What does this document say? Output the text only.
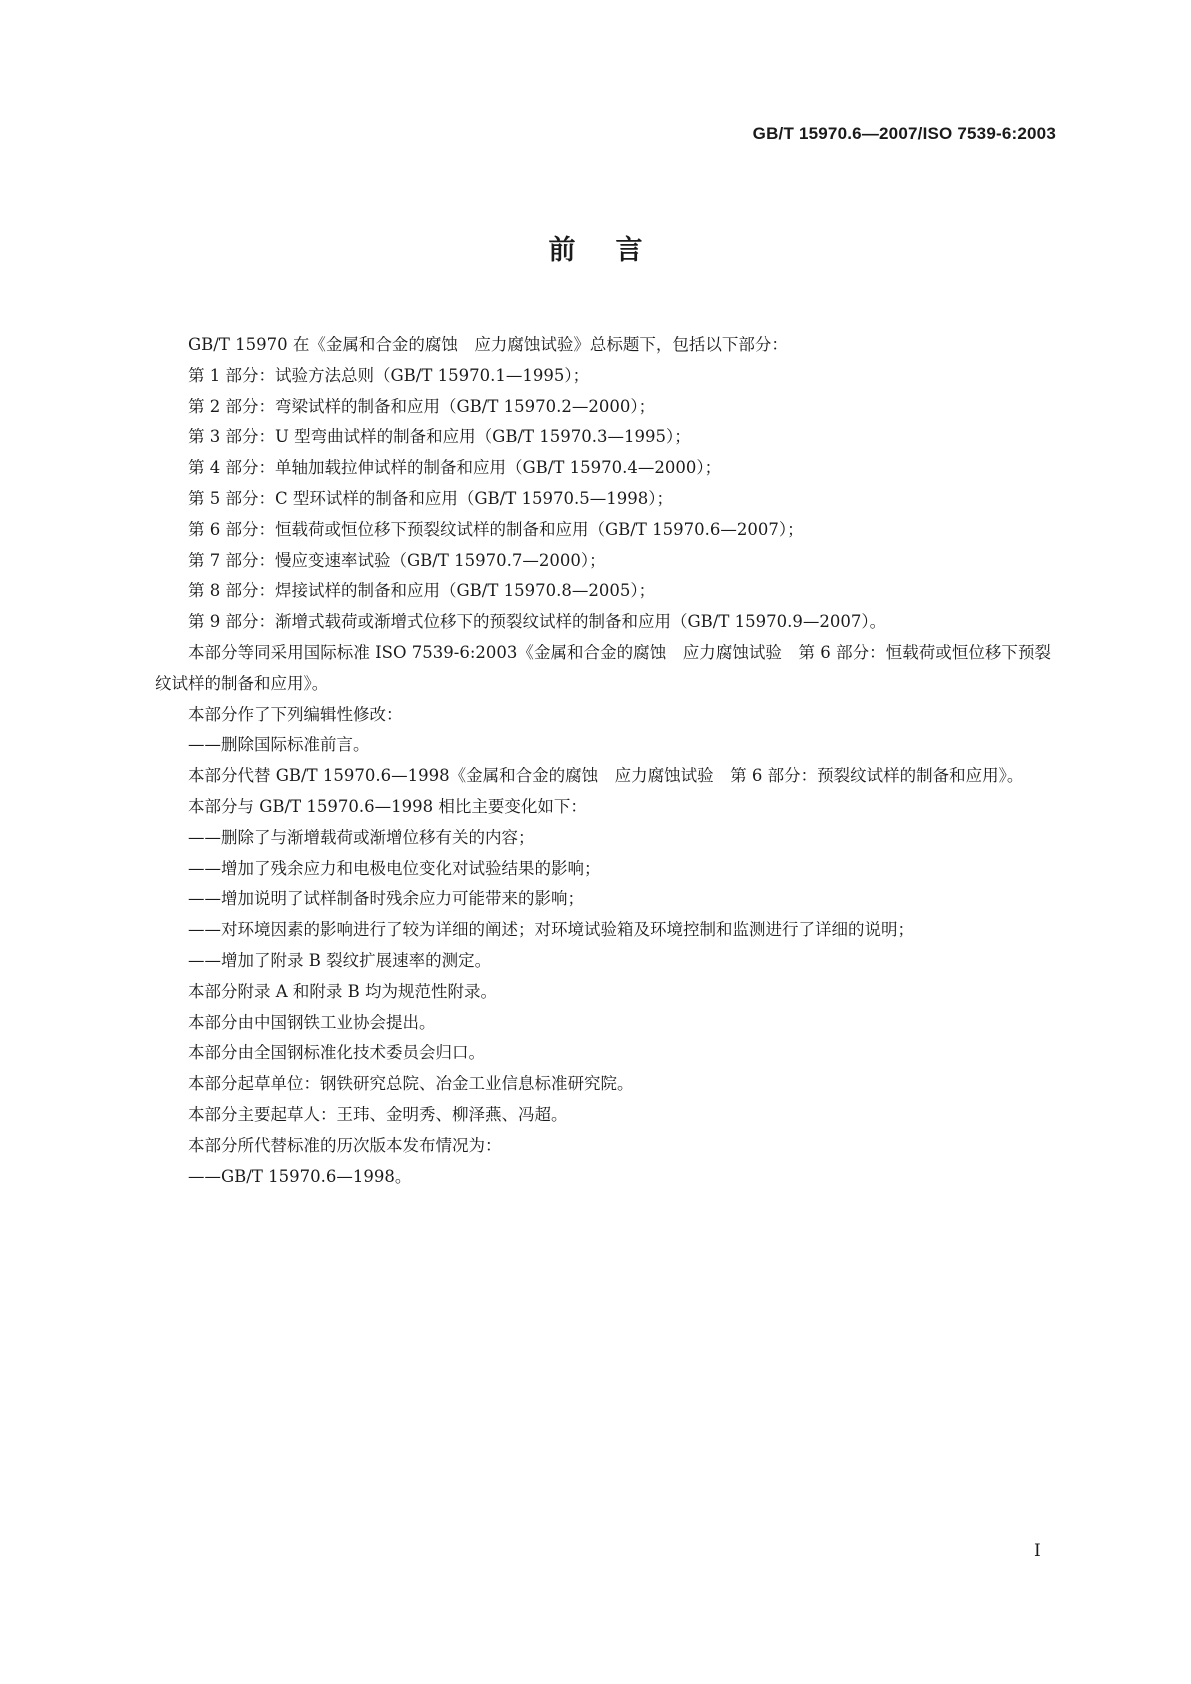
GB/T 15970.6—2007/ISO 7539-6:2003
前言

GB/T 15970 在《金属和合金的腐蚀　应力腐蚀试验》总标题下，包括以下部分：

第 1 部分：试验方法总则（GB/T 15970.1—1995）；

第 2 部分：弯梁试样的制备和应用（GB/T 15970.2—2000）；

第 3 部分：U 型弯曲试样的制备和应用（GB/T 15970.3—1995）；

第 4 部分：单轴加载拉伸试样的制备和应用（GB/T 15970.4—2000）；

第 5 部分：C 型环试样的制备和应用（GB/T 15970.5—1998）；

第 6 部分：恒载荷或恒位移下预裂纹试样的制备和应用（GB/T 15970.6—2007）；

第 7 部分：慢应变速率试验（GB/T 15970.7—2000）；

第 8 部分：焊接试样的制备和应用（GB/T 15970.8—2005）；

第 9 部分：渐增式载荷或渐增式位移下的预裂纹试样的制备和应用（GB/T 15970.9—2007）。

本部分等同采用国际标准 ISO 7539-6:2003《金属和合金的腐蚀　应力腐蚀试验　第 6 部分：恒载荷或恒位移下预裂纹试样的制备和应用》。

本部分作了下列编辑性修改：

——删除国际标准前言。

本部分代替 GB/T 15970.6—1998《金属和合金的腐蚀　应力腐蚀试验　第 6 部分：预裂纹试样的制备和应用》。

本部分与 GB/T 15970.6—1998 相比主要变化如下：

——删除了与渐增载荷或渐增位移有关的内容；

——增加了残余应力和电极电位变化对试验结果的影响；

——增加说明了试样制备时残余应力可能带来的影响；

——对环境因素的影响进行了较为详细的阐述；对环境试验箱及环境控制和监测进行了详细的说明；

——增加了附录 B 裂纹扩展速率的测定。

本部分附录 A 和附录 B 均为规范性附录。

本部分由中国钢铁工业协会提出。

本部分由全国钢标准化技术委员会归口。

本部分起草单位：钢铁研究总院、冶金工业信息标准研究院。

本部分主要起草人：王玮、金明秀、柳泽燕、冯超。

本部分所代替标准的历次版本发布情况为：

——GB/T 15970.6—1998。

I
